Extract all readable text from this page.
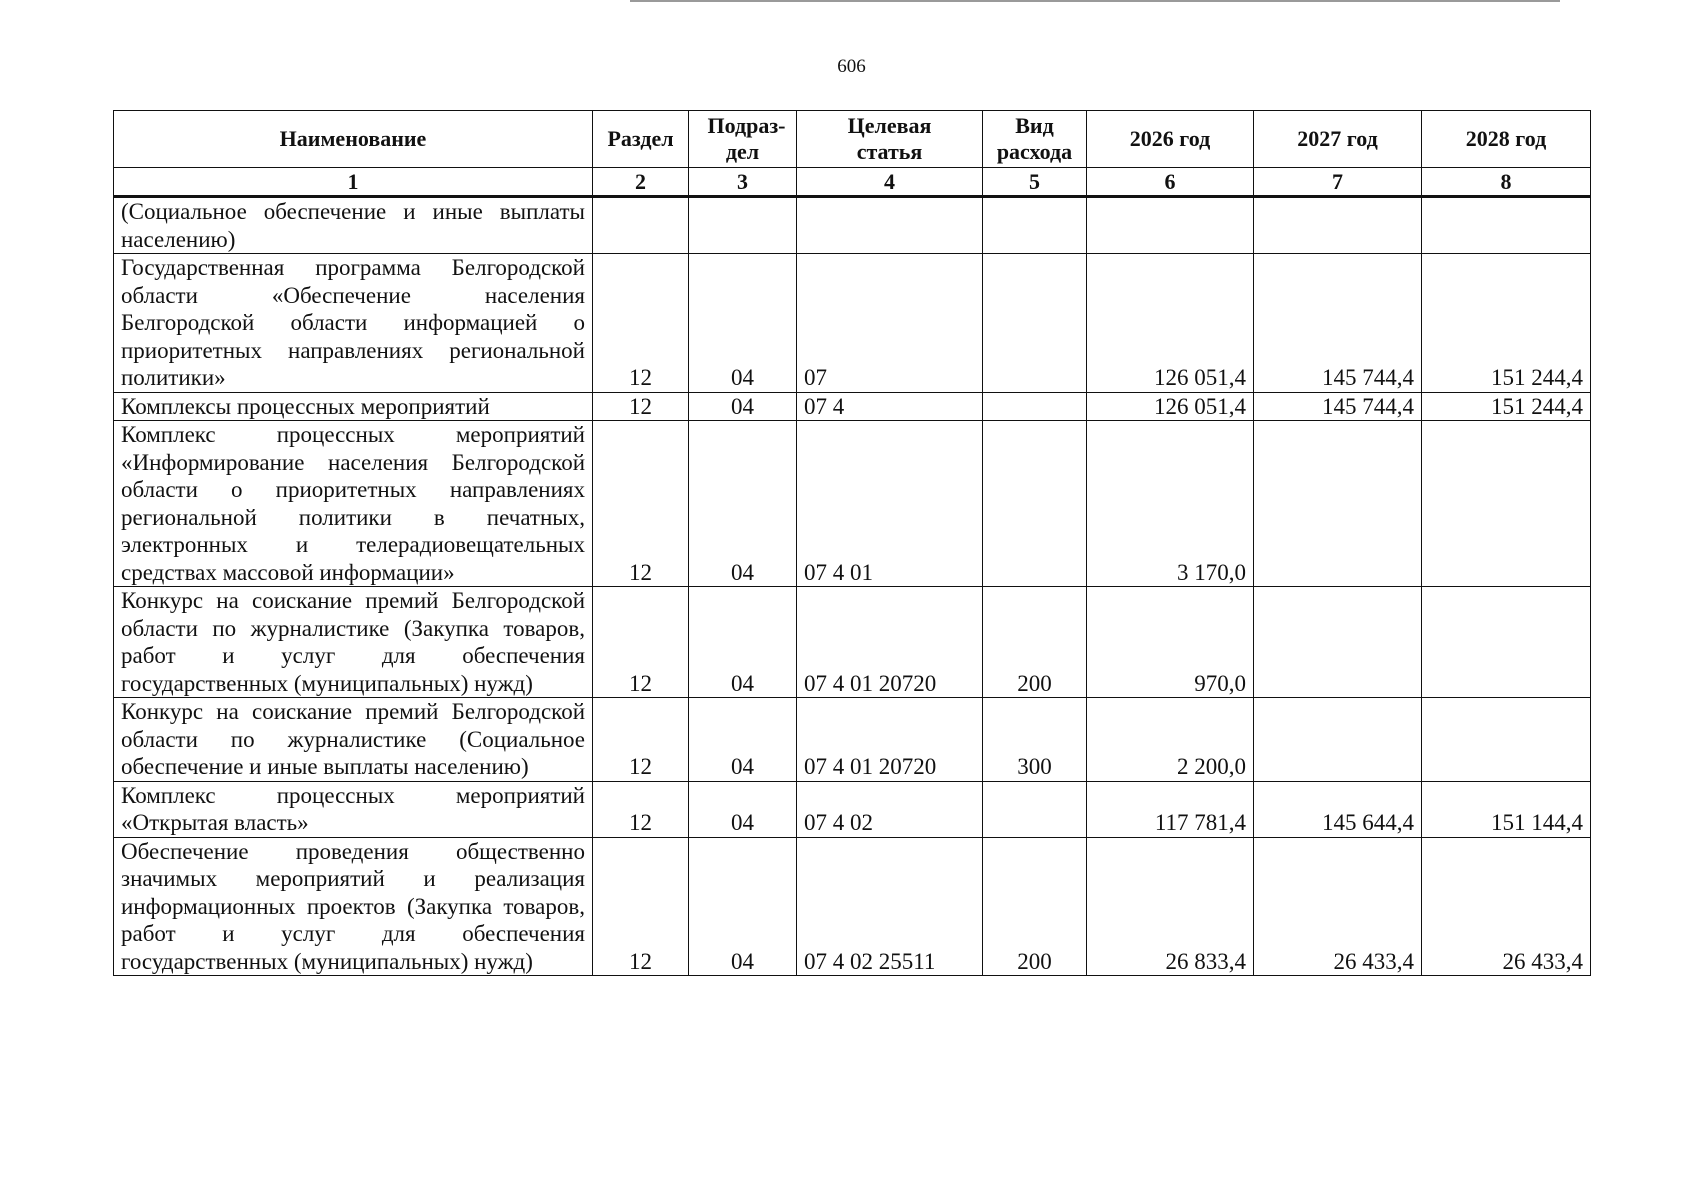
606
Наименование	Раздел	Подраз-дел	Целевая статья	Вид расхода	2026 год	2027 год	2028 год
1	2	3	4	5	6	7	8
(Социальное обеспечение и иные выплаты населению)							
Государственная программа Белгородской области «Обеспечение населения Белгородской области информацией о приоритетных направлениях региональной политики»	12	04	07		126 051,4	145 744,4	151 244,4
Комплексы процессных мероприятий	12	04	07 4		126 051,4	145 744,4	151 244,4
Комплекс процессных мероприятий «Информирование населения Белгородской области о приоритетных направлениях региональной политики в печатных, электронных и телерадиовещательных средствах массовой информации»	12	04	07 4 01		3 170,0		
Конкурс на соискание премий Белгородской области по журналистике (Закупка товаров, работ и услуг для обеспечения государственных (муниципальных) нужд)	12	04	07 4 01 20720	200	970,0		
Конкурс на соискание премий Белгородской области по журналистике (Социальное обеспечение и иные выплаты населению)	12	04	07 4 01 20720	300	2 200,0		
Комплекс процессных мероприятий «Открытая власть»	12	04	07 4 02		117 781,4	145 644,4	151 144,4
Обеспечение проведения общественно значимых мероприятий и реализация информационных проектов (Закупка товаров, работ и услуг для обеспечения государственных (муниципальных) нужд)	12	04	07 4 02 25511	200	26 833,4	26 433,4	26 433,4
